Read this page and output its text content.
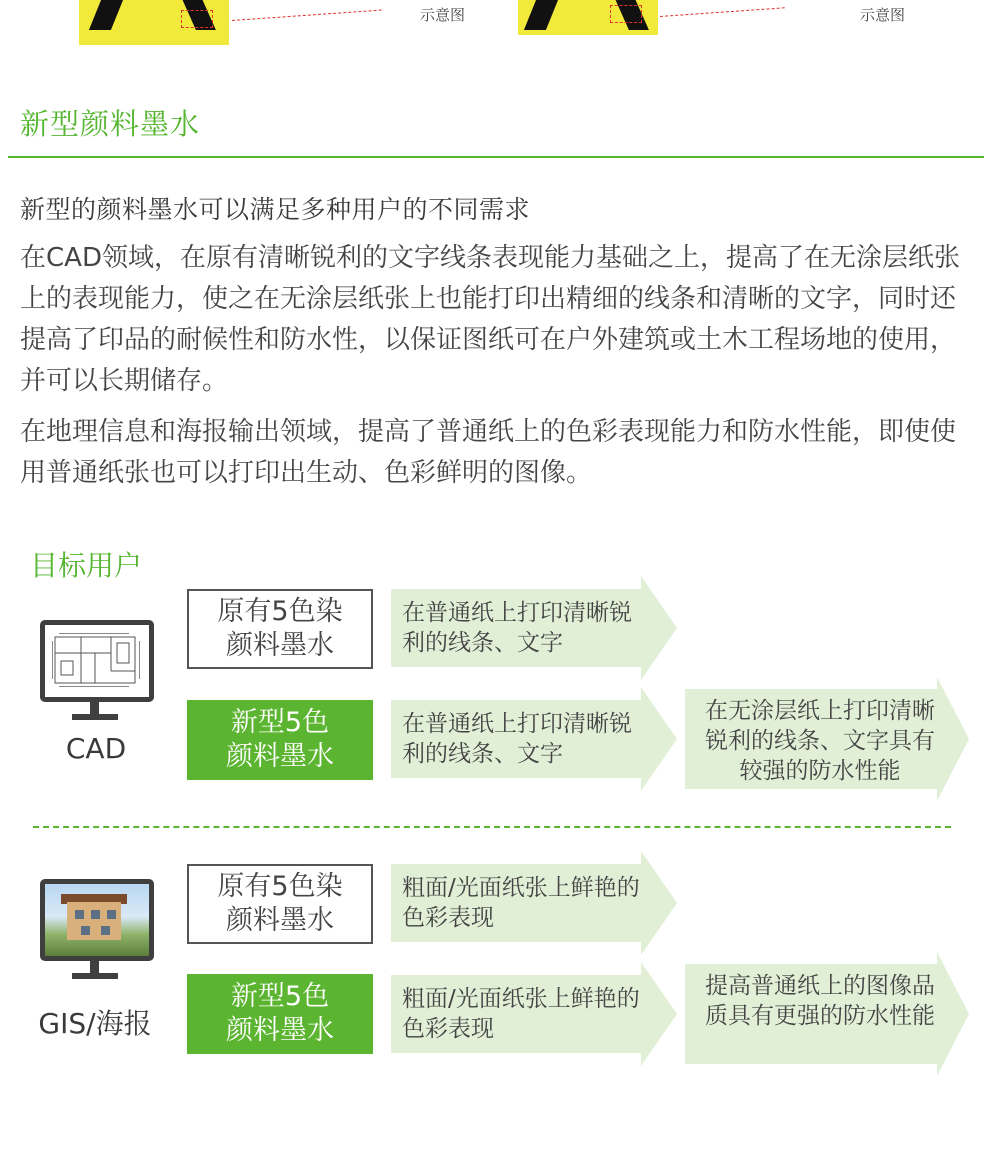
示意图	示意图
新型颜料墨水
新型的颜料墨水可以满足多种用户的不同需求
在CAD领域，在原有清晰锐利的文字线条表现能力基础之上，提高了在无涂层纸张上的表现能力，使之在无涂层纸张上也能打印出精细的线条和清晰的文字，同时还提高了印品的耐候性和防水性，以保证图纸可在户外建筑或土木工程场地的使用，并可以长期储存。
在地理信息和海报输出领域，提高了普通纸上的色彩表现能力和防水性能，即使使用普通纸张也可以打印出生动、色彩鲜明的图像。
目标用户
CAD
原有5色染颜料墨水
新型5色颜料墨水
在普通纸上打印清晰锐利的线条、文字
在普通纸上打印清晰锐利的线条、文字
在无涂层纸上打印清晰锐利的线条、文字具有较强的防水性能
GIS/海报
原有5色染颜料墨水
新型5色颜料墨水
粗面/光面纸张上鲜艳的色彩表现
粗面/光面纸张上鲜艳的色彩表现
提高普通纸上的图像品质具有更强的防水性能
